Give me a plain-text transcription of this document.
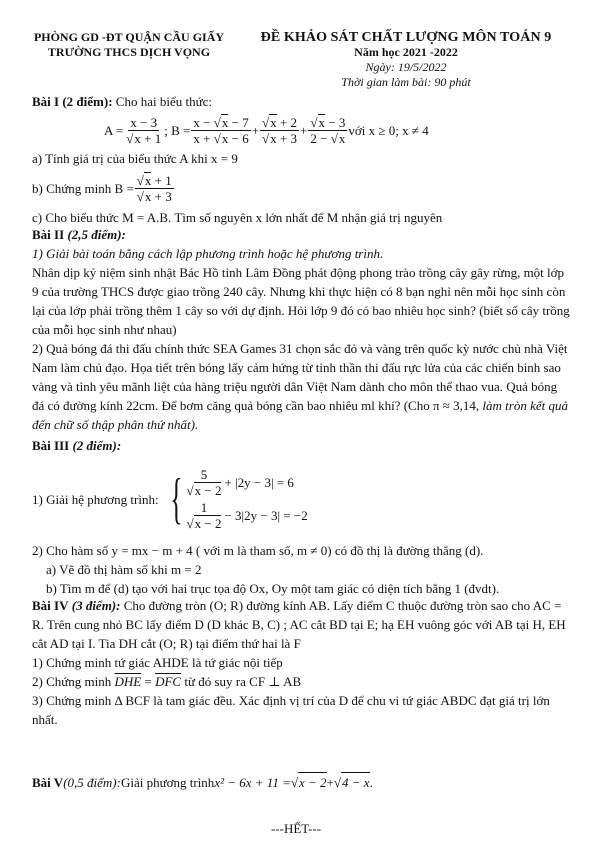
PHÒNG GD -ĐT QUẬN CẦU GIẤY
TRƯỜNG THCS DỊCH VỌNG
ĐỀ KHẢO SÁT CHẤT LƯỢNG MÔN TOÁN 9
Năm học 2021 -2022
Ngày: 19/5/2022
Thời gian làm bài: 90 phút
Bài I (2 điểm): Cho hai biểu thức:
$A = \frac{x - 3}{√x + 1}$ ; $B = \frac{x - √x - 7}{x + √x - 6} + \frac{√x + 2}{√x + 3} + \frac{√x - 3}{2 - √x}$ với x ≥ 0; x ≠ 4
a) Tính giá trị của biểu thức A khi x = 9
b) Chứng minh $B = \frac{√x + 1}{√x + 3}$
c) Cho biểu thức M = A.B. Tìm số nguyên x lớn nhất để M nhận giá trị nguyên
Bài II (2,5 điểm):
1) Giải bài toán bằng cách lập phương trình hoặc hệ phương trình.
Nhân dịp kỷ niệm sinh nhật Bác Hồ tỉnh Lâm Đồng phát động phong trào trồng cây gây rừng, một lớp 9 của trường THCS được giao trồng 240 cây. Nhưng khi thực hiện có 8 bạn nghỉ nên mỗi học sinh còn lại của lớp phải trồng thêm 1 cây so với dự định. Hỏi lớp 9 đó có bao nhiêu học sinh? (biết số cây trồng của mỗi học sinh như nhau)
2) Quả bóng đá thi đấu chính thức SEA Games 31 chọn sắc đỏ và vàng trên quốc kỳ nước chủ nhà Việt Nam làm chủ đạo. Họa tiết trên bóng lấy cảm hứng từ tinh thần thi đấu rực lửa của các chiến binh sao vàng và tình yêu mãnh liệt của hàng triệu người dân Việt Nam dành cho môn thể thao vua. Quả bóng đá có đường kính 22cm. Để bơm căng quả bóng cần bao nhiêu ml khí? (Cho π ≈ 3,14, làm tròn kết quả đến chữ số thập phân thứ nhất).
Bài III (2 điểm):
1) Giải hệ phương trình: { $\frac{5}{√x - 2} + |2y - 3| = 6$
$\frac{1}{√x - 2} - 3|2y - 3| = -2$
2) Cho hàm số y = mx − m + 4 ( với m là tham số, m ≠ 0) có đồ thị là đường thẳng (d).
a) Vẽ đồ thị hàm số khi m = 2
b) Tìm m để (d) tạo với hai trục tọa độ Ox, Oy một tam giác có diện tích bằng 1 (đvdt).
Bài IV (3 điểm): Cho đường tròn (O; R) đường kính AB. Lấy điểm C thuộc đường tròn sao cho AC = R. Trên cung nhỏ BC lấy điểm D (D khác B, C) ; AC cắt BD tại E; hạ EH vuông góc với AB tại H, EH cắt AD tại I. Tia DH cắt (O; R) tại điểm thứ hai là F
1) Chứng minh tứ giác AHDE là tứ giác nội tiếp
2) Chứng minh $\overline{DHE} = \overline{DFC}$ từ đó suy ra CF ⊥ AB
3) Chứng minh Δ BCF là tam giác đều. Xác định vị trí của D để chu vi tứ giác ABDC đạt giá trị lớn nhất.
Bài V (0,5 điểm): Giải phương trình x² − 6x + 11 = √ x − 2 + √ 4 − x .
---HẾT---
